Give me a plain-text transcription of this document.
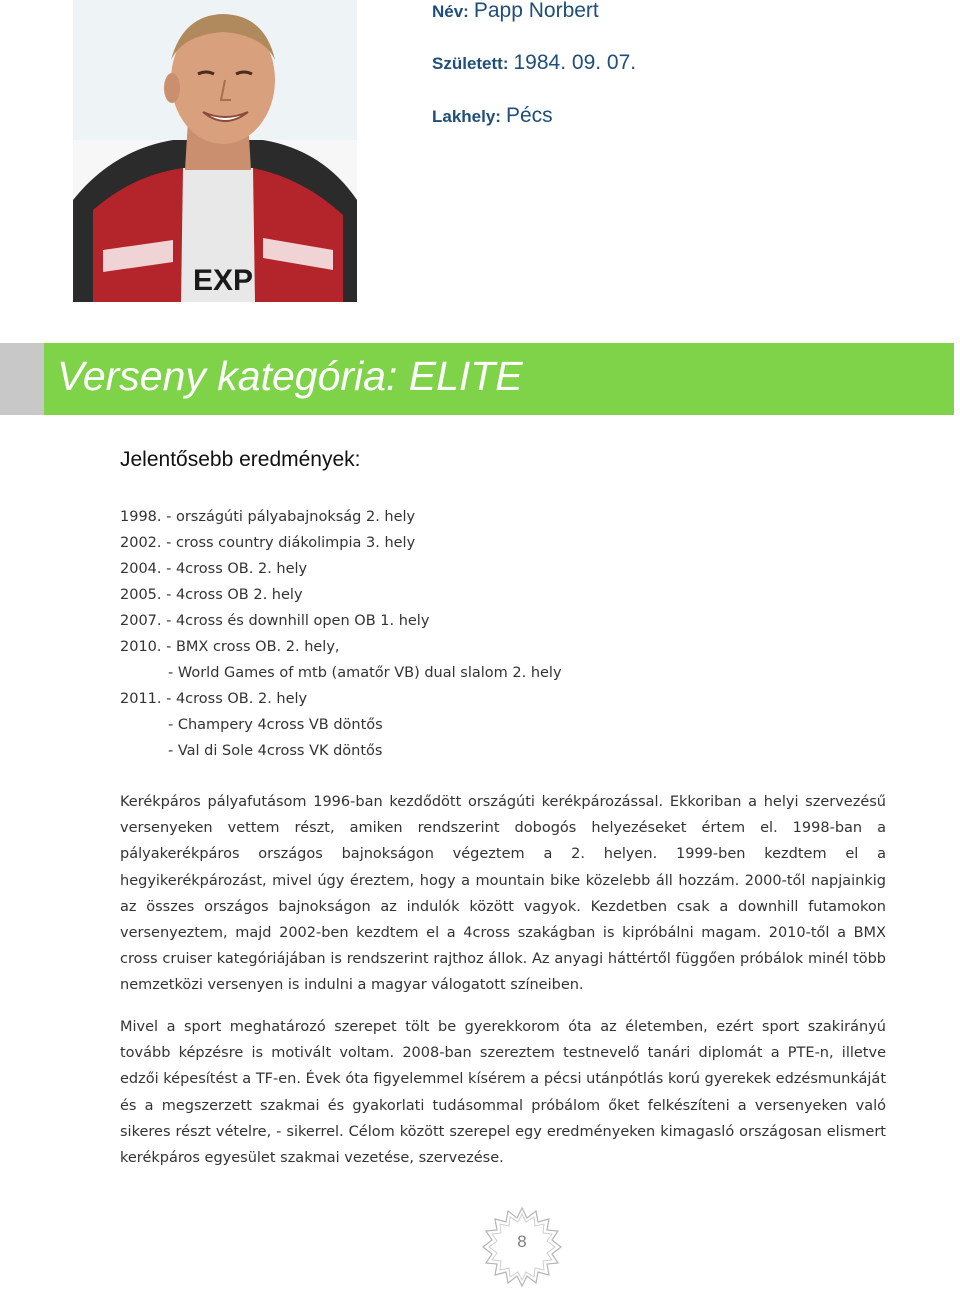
EXP
Név: Papp Norbert
Született: 1984. 09. 07.
Lakhely: Pécs
Verseny kategória: ELITE
Jelentősebb eredmények:
1998. - országúti pályabajnokság 2. hely
2002. - cross country diákolimpia 3. hely
2004. - 4cross OB. 2. hely
2005. - 4cross OB 2. hely
2007. - 4cross és downhill open OB 1. hely
2010. - BMX cross OB. 2. hely,
- World Games of mtb (amatőr VB) dual slalom 2. hely
2011. - 4cross OB. 2. hely
- Champery 4cross VB döntős
- Val di Sole 4cross VK döntős
Kerékpáros pályafutásom 1996-ban kezdődött országúti kerékpározással. Ekkoriban a helyi szervezésű versenyeken vettem részt, amiken rendszerint dobogós helyezéseket értem el. 1998-ban a pályakerékpáros országos bajnokságon végeztem a 2. helyen. 1999-ben kezdtem el a hegyikerékpározást, mivel úgy éreztem, hogy a mountain bike közelebb áll hozzám. 2000-től napjainkig az összes országos bajnokságon az indulók között vagyok. Kezdetben csak a downhill futamokon versenyeztem, majd 2002-ben kezdtem el a 4cross szakágban is kipróbálni magam. 2010-től a BMX cross cruiser kategóriájában is rendszerint rajthoz állok. Az anyagi háttértől függően próbálok minél több nemzetközi versenyen is indulni a magyar válogatott színeiben.
Mivel a sport meghatározó szerepet tölt be gyerekkorom óta az életemben, ezért sport szakirányú tovább képzésre is motivált voltam. 2008-ban szereztem testnevelő tanári diplomát a PTE-n, illetve edzői képesítést a TF-en. Évek óta figyelemmel kísérem a pécsi utánpótlás korú gyerekek edzésmunkáját és a megszerzett szakmai és gyakorlati tudásommal próbálom őket felkészíteni a versenyeken való sikeres részt vételre, - sikerrel. Célom között szerepel egy eredményeken kimagasló országosan elismert kerékpáros egyesület szakmai vezetése, szervezése.
8
